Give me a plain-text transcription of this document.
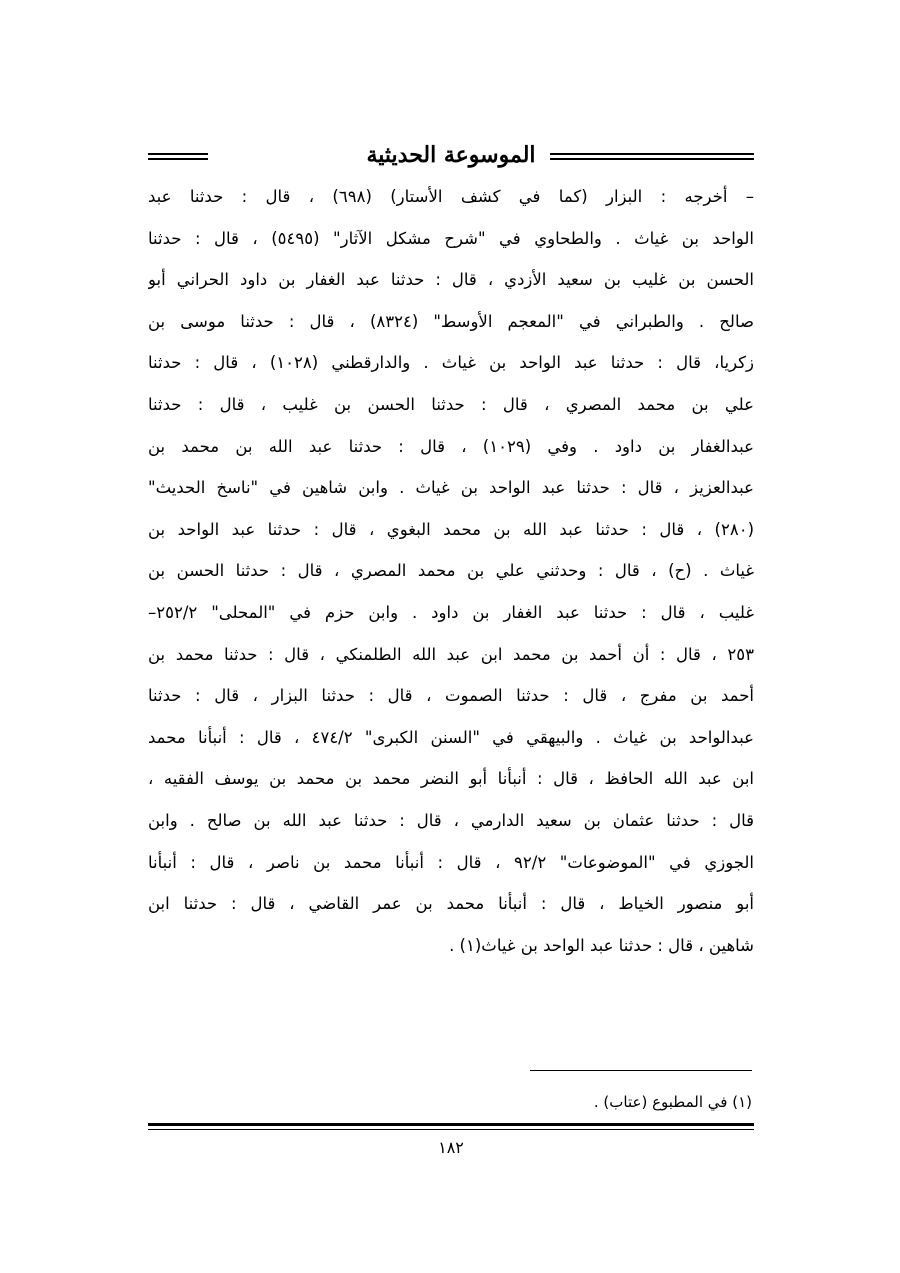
الموسوعة الحديثية
– أخرجه : البزار (كما في كشف الأستار) (٦٩٨) ، قال : حدثنا عبد
الواحد بن غياث . والطحاوي في "شرح مشكل الآثار" (٥٤٩٥) ، قال : حدثنا
الحسن بن غليب بن سعيد الأزدي ، قال : حدثنا عبد الغفار بن داود الحراني أبو
صالح . والطبراني في "المعجم الأوسط" (٨٣٢٤) ، قال : حدثنا موسى بن
زكريا، قال : حدثنا عبد الواحد بن غياث . والدارقطني (١٠٢٨) ، قال : حدثنا
علي بن محمد المصري ، قال : حدثنا الحسن بن غليب ، قال : حدثنا
عبدالغفار بن داود . وفي (١٠٢٩) ، قال : حدثنا عبد الله بن محمد بن
عبدالعزيز ، قال : حدثنا عبد الواحد بن غياث . وابن شاهين في "ناسخ الحديث"
(٢٨٠) ، قال : حدثنا عبد الله بن محمد البغوي ، قال : حدثنا عبد الواحد بن
غياث . (ح) ، قال : وحدثني علي بن محمد المصري ، قال : حدثنا الحسن بن
غليب ، قال : حدثنا عبد الغفار بن داود . وابن حزم في "المحلى" ٢٥٢/٢–
٢٥٣ ، قال : أن أحمد بن محمد ابن عبد الله الطلمنكي ، قال : حدثنا محمد بن
أحمد بن مفرج ، قال : حدثنا الصموت ، قال : حدثنا البزار ، قال : حدثنا
عبدالواحد بن غياث . والبيهقي في "السنن الكبرى" ٤٧٤/٢ ، قال : أنبأنا محمد
ابن عبد الله الحافظ ، قال : أنبأنا أبو النضر محمد بن محمد بن يوسف الفقيه ،
قال : حدثنا عثمان بن سعيد الدارمي ، قال : حدثنا عبد الله بن صالح . وابن
الجوزي في "الموضوعات" ٩٢/٢ ، قال : أنبأنا محمد بن ناصر ، قال : أنبأنا
أبو منصور الخياط ، قال : أنبأنا محمد بن عمر القاضي ، قال : حدثنا ابن
شاهين ، قال : حدثنا عبد الواحد بن غياث(١) .
(١) في المطبوع (عتاب) .
١٨٢
